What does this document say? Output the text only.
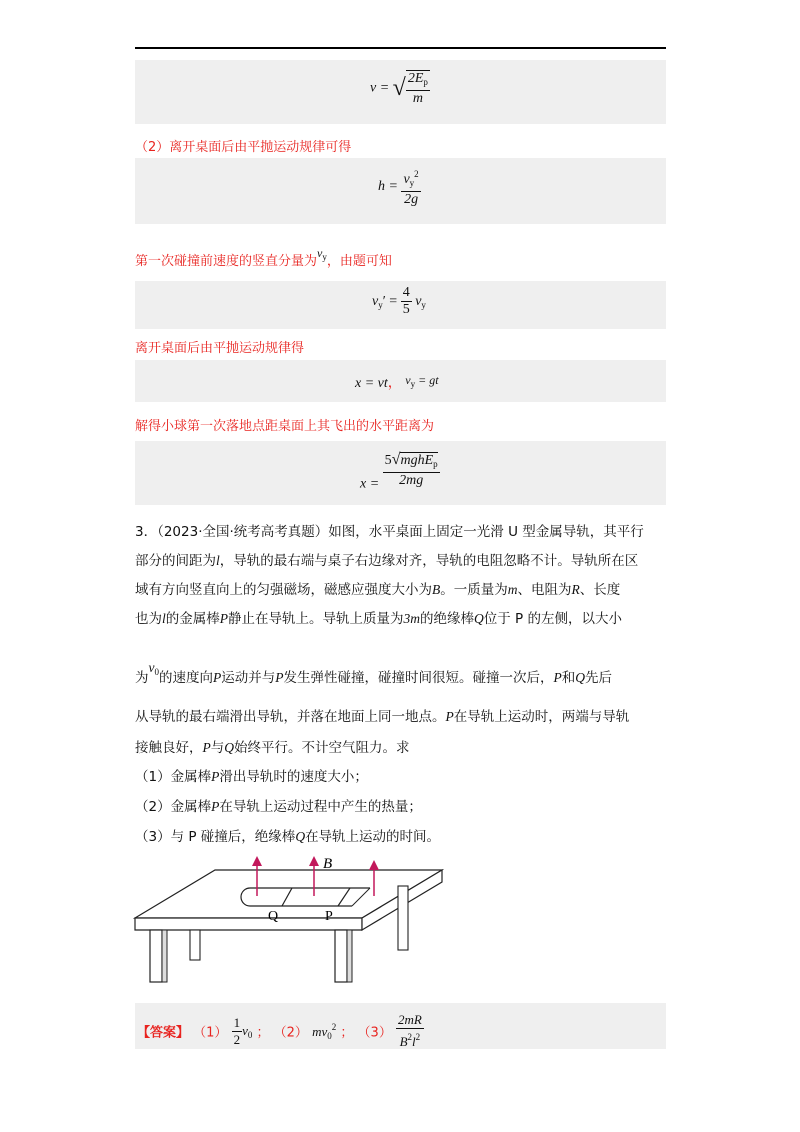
v = √ $\frac{2E_p}{m}$
（2）离开桌面后由平抛运动规律可得
$h = \frac{v_y^2}{2g}$
第一次碰撞前速度的竖直分量为$v_y$，由题可知
$v_y' = \frac{4}{5} v_y$
离开桌面后由平抛运动规律得
x = vt， $v_y$ = gt
解得小球第一次落地点距桌面上其飞出的水平距离为
$x = \frac{5√mghE_p}{2mg}$
3．（2023·全国·统考高考真题）如图，水平桌面上固定一光滑 U 型金属导轨，其平行
部分的间距为l，导轨的最右端与桌子右边缘对齐，导轨的电阻忽略不计。导轨所在区
域有方向竖直向上的匀强磁场，磁感应强度大小为B。一质量为m、电阻为R、长度
也为l的金属棒P静止在导轨上。导轨上质量为3m的绝缘棒Q位于 P 的左侧，以大小
为$v_0$的速度向P运动并与P发生弹性碰撞，碰撞时间很短。碰撞一次后，P和Q先后
从导轨的最右端滑出导轨，并落在地面上同一地点。P在导轨上运动时，两端与导轨
接触良好，P与Q始终平行。不计空气阻力。求
（1）金属棒P滑出导轨时的速度大小；
（2）金属棒P在导轨上运动过程中产生的热量；
（3）与 P 碰撞后，绝缘棒Q在导轨上运动的时间。
B
Q	P
【答案】 $(1) \frac{1}{2} v_0$ ； （2） $mv_0^2$ ； $(3) \frac{2mR}{B^2l^2}$
